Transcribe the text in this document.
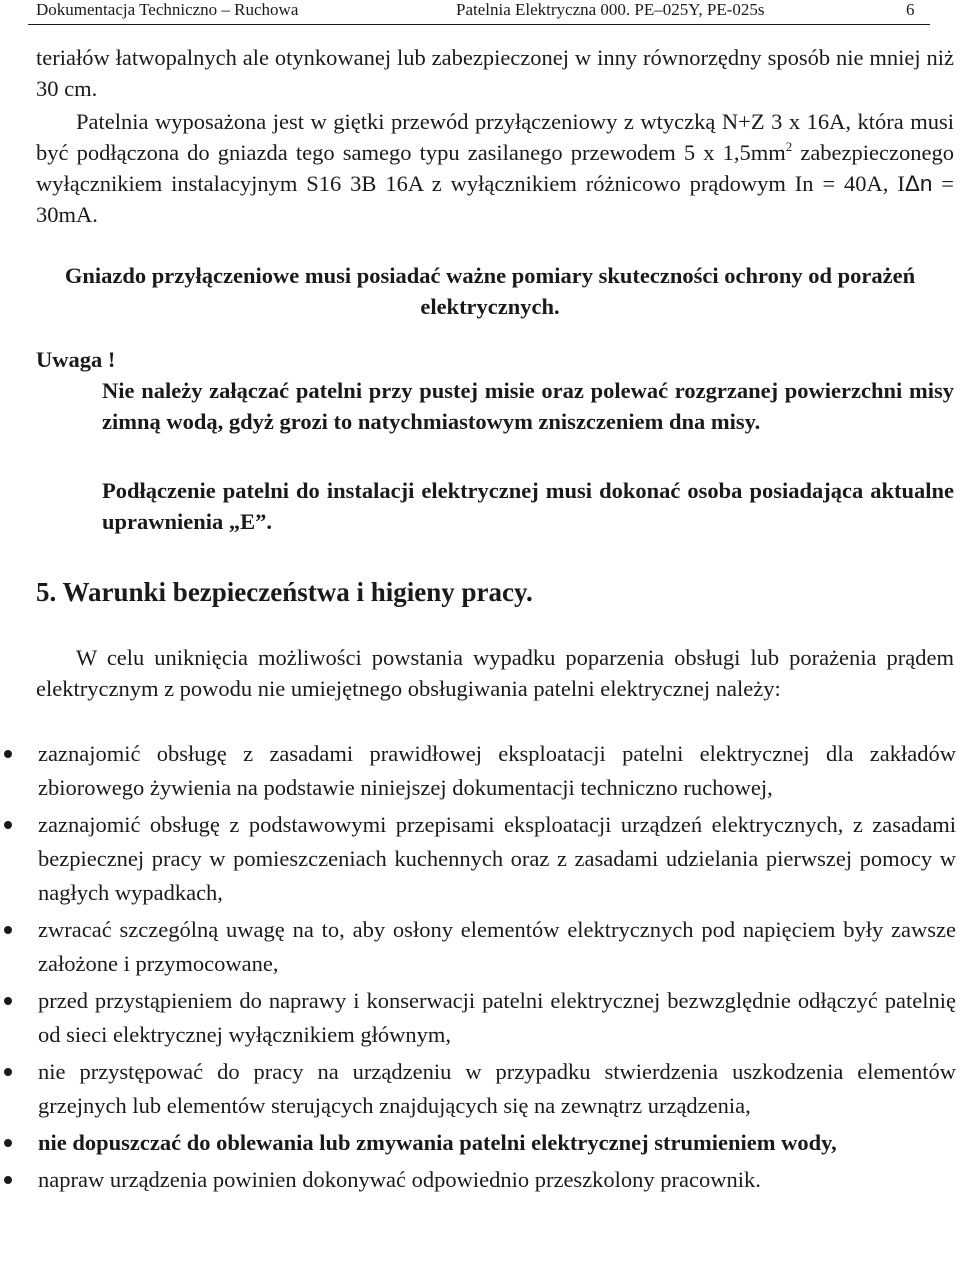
Dokumentacja Techniczno – Ruchowa	Patelnia Elektryczna 000. PE–025Y, PE-025s	6

teriałów łatwopalnych ale otynkowanej lub zabezpieczonej w inny równorzędny sposób nie mniej niż 30 cm.

Patelnia wyposażona jest w giętki przewód przyłączeniowy z wtyczką N+Z 3 x 16A, która musi być podłączona do gniazda tego samego typu zasilanego przewodem 5 x $1,5mm^2$ zabezpieczonego wyłącznikiem instalacyjnym S16 3B 16A z wyłącznikiem różnicowo prądowym In = 40A, IΔn = 30mA.

Gniazdo przyłączeniowe musi posiadać ważne pomiary skuteczności ochrony od porażeń elektrycznych.

Uwaga !

Nie należy załączać patelni przy pustej misie oraz polewać rozgrzanej powierzchni misy zimną wodą, gdyż grozi to natychmiastowym zniszczeniem dna misy.

Podłączenie patelni do instalacji elektrycznej musi dokonać osoba posiadająca aktualne uprawnienia „E”.

5. Warunki bezpieczeństwa i higieny pracy.

W celu uniknięcia możliwości powstania wypadku poparzenia obsługi lub porażenia prądem elektrycznym z powodu nie umiejętnego obsługiwania patelni elektrycznej należy:

zaznajomić obsługę z zasadami prawidłowej eksploatacji patelni elektrycznej dla zakładów zbiorowego żywienia na podstawie niniejszej dokumentacji techniczno ruchowej,
zaznajomić obsługę z podstawowymi przepisami eksploatacji urządzeń elektrycznych, z zasadami bezpiecznej pracy w pomieszczeniach kuchennych oraz z zasadami udzielania pierwszej pomocy w nagłych wypadkach,
zwracać szczególną uwagę na to, aby osłony elementów elektrycznych pod napięciem były zawsze założone i przymocowane,
przed przystąpieniem do naprawy i konserwacji patelni elektrycznej bezwzględnie odłączyć patelnię od sieci elektrycznej wyłącznikiem głównym,
nie przystępować do pracy na urządzeniu w przypadku stwierdzenia uszkodzenia elementów grzejnych lub elementów sterujących znajdujących się na zewnątrz urządzenia,
nie dopuszczać do oblewania lub zmywania patelni elektrycznej strumieniem wody,
napraw urządzenia powinien dokonywać odpowiednio przeszkolony pracownik.
